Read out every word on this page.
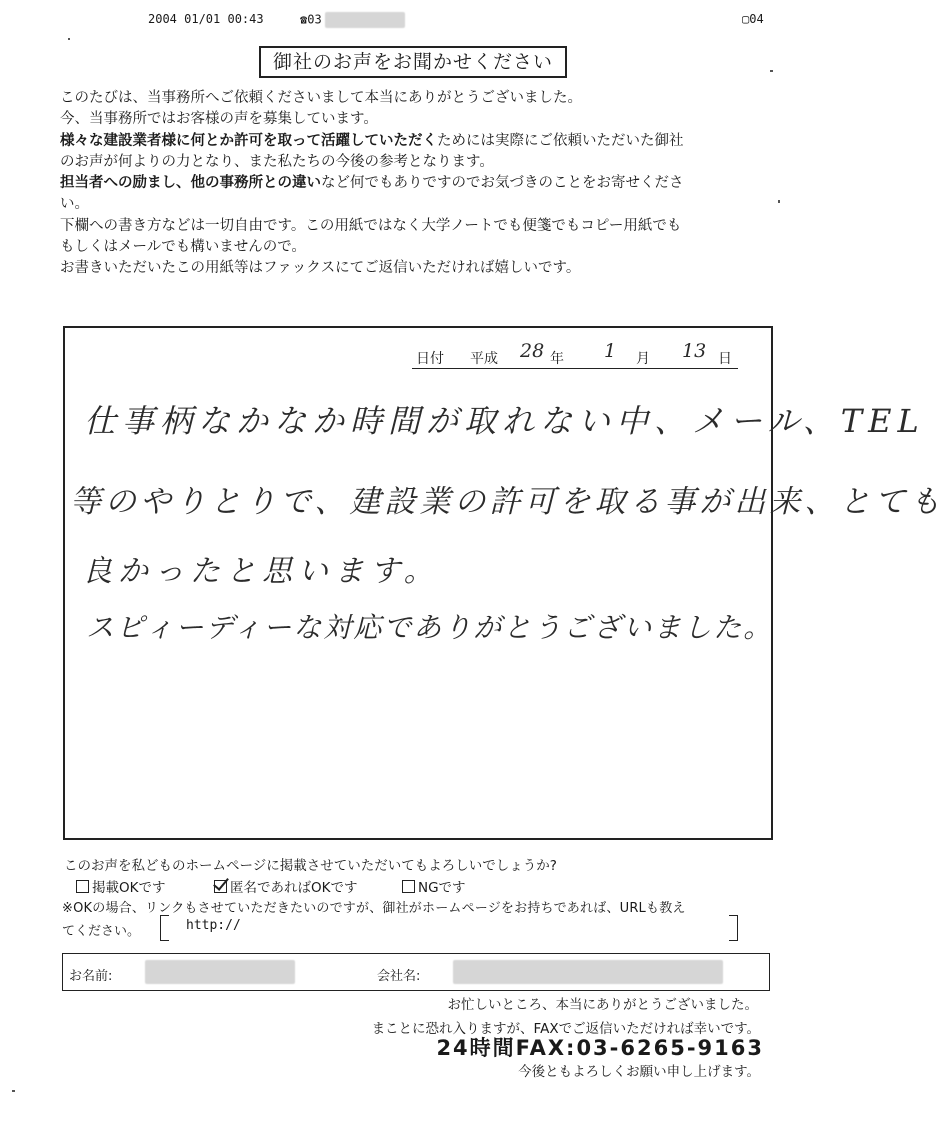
2004 01/01 00:43	☎03	▢04
御社のお声をお聞かせください

このたびは、当事務所へご依頼くださいまして本当にありがとうございました。

今、当事務所ではお客様の声を募集しています。

様々な建設業者様に何とか許可を取って活躍していただくためには実際にご依頼いただいた御社

のお声が何よりの力となり、また私たちの今後の参考となります。

担当者への励まし、他の事務所との違いなど何でもありですのでお気づきのことをお寄せくださ

い。

下欄への書き方などは一切自由です。この用紙ではなく大学ノートでも便箋でもコピー用紙でも

もしくはメールでも構いませんので。

お書きいただいたこの用紙等はファックスにてご返信いただければ嬉しいです。

日付 平成 28 年 1 月 13 日
仕事柄なかなか時間が取れない中、メール、TEL
等のやりとりで、建設業の許可を取る事が出来、とても
良かったと思います。
スピィーディーな対応でありがとうございました。
このお声を私どものホームページに掲載させていただいてもよろしいでしょうか?
掲載OKです	匿名であればOKです	NGです
※OKの場合、リンクもさせていただきたいのですが、御社がホームページをお持ちであれば、URLも教え
てください。	http://
お名前:	会社名:
お忙しいところ、本当にありがとうございました。
まことに恐れ入りますが、FAXでご返信いただければ幸いです。
24時間FAX:03-6265-9163
今後ともよろしくお願い申し上げます。
